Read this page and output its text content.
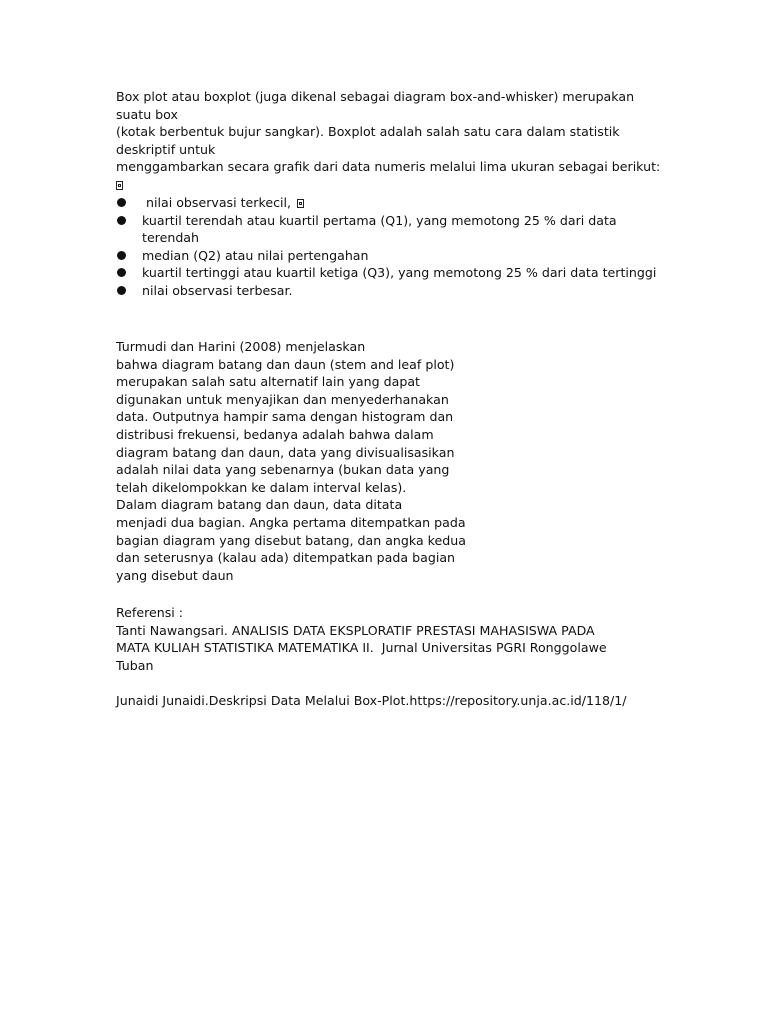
Box plot atau boxplot (juga dikenal sebagai diagram box-and-whisker) merupakan
suatu box
(kotak berbentuk bujur sangkar). Boxplot adalah salah satu cara dalam statistik
deskriptif untuk
menggambarkan secara grafik dari data numeris melalui lima ukuran sebagai berikut:
nilai observasi terkecil,
kuartil terendah atau kuartil pertama (Q1), yang memotong 25 % dari data
terendah
median (Q2) atau nilai pertengahan
kuartil tertinggi atau kuartil ketiga (Q3), yang memotong 25 % dari data tertinggi
nilai observasi terbesar.
Turmudi dan Harini (2008) menjelaskan
bahwa diagram batang dan daun (stem and leaf plot)
merupakan salah satu alternatif lain yang dapat
digunakan untuk menyajikan dan menyederhanakan
data. Outputnya hampir sama dengan histogram dan
distribusi frekuensi, bedanya adalah bahwa dalam
diagram batang dan daun, data yang divisualisasikan
adalah nilai data yang sebenarnya (bukan data yang
telah dikelompokkan ke dalam interval kelas).
Dalam diagram batang dan daun, data ditata
menjadi dua bagian. Angka pertama ditempatkan pada
bagian diagram yang disebut batang, dan angka kedua
dan seterusnya (kalau ada) ditempatkan pada bagian
yang disebut daun
Referensi :
Tanti Nawangsari. ANALISIS DATA EKSPLORATIF PRESTASI MAHASISWA PADA
MATA KULIAH STATISTIKA MATEMATIKA II.  Jurnal Universitas PGRI Ronggolawe
Tuban
Junaidi Junaidi.Deskripsi Data Melalui Box-Plot.https://repository.unja.ac.id/118/1/
